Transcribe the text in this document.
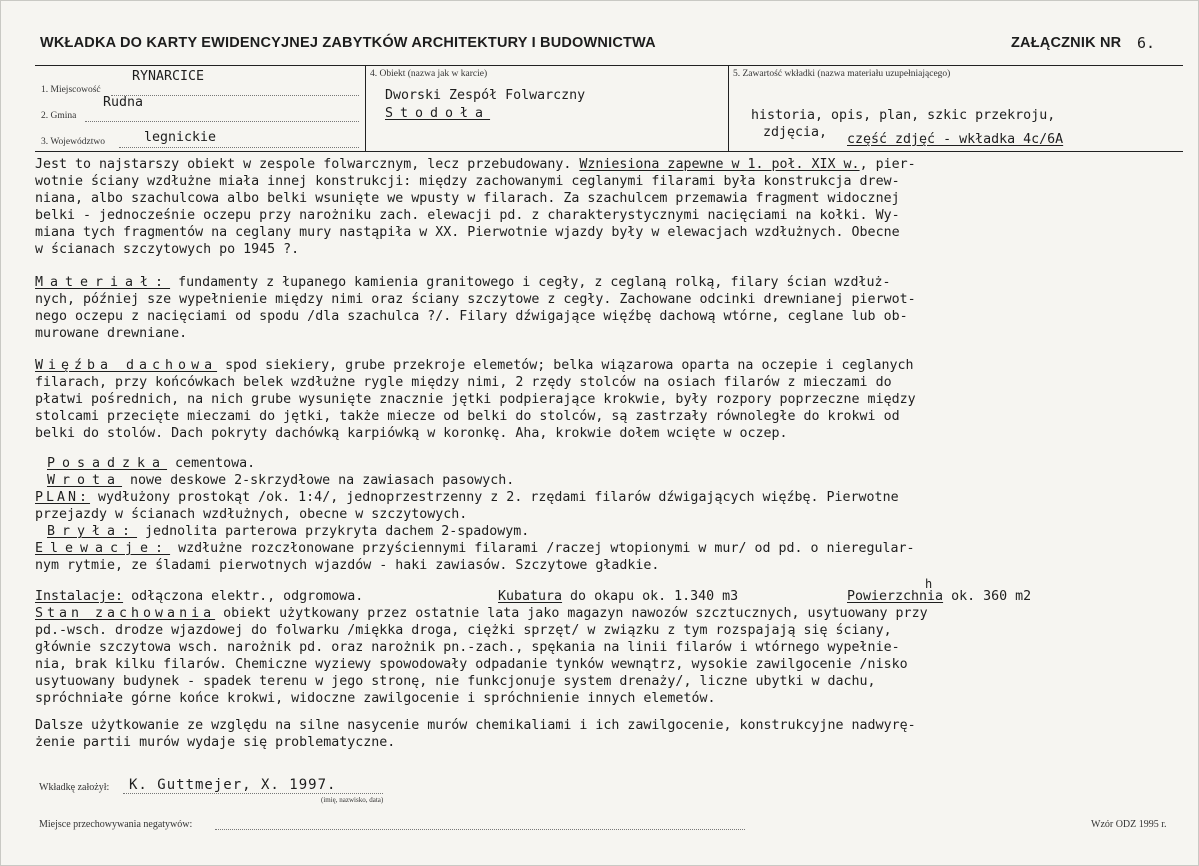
WKŁADKA DO KARTY EWIDENCYJNEJ ZABYTKÓW ARCHITEKTURY I BUDOWNICTWA	ZAŁĄCZNIK NR 6.
1. Miejscowość
RYNARCICE
2. Gmina
Rudna
3. Województwo	legnickie
4. Obiekt (nazwa jak w karcie)
Dworski Zespół Folwarczny
Stodoła
5. Zawartość wkładki (nazwa materiału uzupełniającego)
historia, opis, plan, szkic przekroju,
zdjęcia, część zdjęć - wkładka 4c/6A
Jest to najstarszy obiekt w zespole folwarcznym, lecz przebudowany. Wzniesiona zapewne w 1. poł. XIX w., pier-
wotnie ściany wzdłużne miała innej konstrukcji: między zachowanymi ceglanymi filarami była konstrukcja drew-
niana, albo szachulcowa albo belki wsunięte we wpusty w filarach. Za szachulcem przemawia fragment widocznej
belki - jednocześnie oczepu przy narożniku zach. elewacji pd. z charakterystycznymi nacięciami na kołki. Wy-
miana tych fragmentów na ceglany mury nastąpiła w XX. Pierwotnie wjazdy były w elewacjach wzdłużnych. Obecne
w ścianach szczytowych po 1945 ?.
Materiał: fundamenty z łupanego kamienia granitowego i cegły, z ceglaną rolką, filary ścian wzdłuż-
nych, później sze wypełnienie między nimi oraz ściany szczytowe z cegły. Zachowane odcinki drewnianej pierwot-
nego oczepu z nacięciami od spodu /dla szachulca ?/. Filary dźwigające więźbę dachową wtórne, ceglane lub ob-
murowane drewniane.
Więźba dachowa spod siekiery, grube przekroje elemetów; belka wiązarowa oparta na oczepie i ceglanych
filarach, przy końcówkach belek wzdłużne rygle między nimi, 2 rzędy stolców na osiach filarów z mieczami do
płatwi pośrednich, na nich grube wysunięte znacznie jętki podpierające krokwie, były rozpory poprzeczne między
stolcami przecięte mieczami do jętki, także miecze od belki do stolców, są zastrzały równoległe do krokwi od
belki do stolów. Dach pokryty dachówką karpiówką w koronkę. Aha, krokwie dołem wcięte w oczep.
Posadzka cementowa.
Wrota nowe deskowe 2-skrzydłowe na zawiasach pasowych.
PLAN: wydłużony prostokąt /ok. 1:4/, jednoprzestrzenny z 2. rzędami filarów dźwigających więźbę. Pierwotne
przejazdy w ścianach wzdłużnych, obecne w szczytowych.
Bryła: jednolita parterowa przykryta dachem 2-spadowym.
Elewacje: wzdłużne rozczłonowane przyściennymi filarami /raczej wtopionymi w mur/ od pd. o nieregular-
nym rytmie, ze śladami pierwotnych wjazdów - haki zawiasów. Szczytowe gładkie.
Instalacje: odłączona elektr., odgromowa.	Kubatura do okapu ok. 1.340 m3	Powierzchnia ok. 360 m2
h
Stan zachowania obiekt użytkowany przez ostatnie lata jako magazyn nawozów szcztucznych, usytuowany przy
pd.-wsch. drodze wjazdowej do folwarku /miękka droga, ciężki sprzęt/ w związku z tym rozspajają się ściany,
głównie szczytowa wsch. narożnik pd. oraz narożnik pn.-zach., spękania na linii filarów i wtórnego wypełnie-
nia, brak kilku filarów. Chemiczne wyziewy spowodowały odpadanie tynków wewnątrz, wysokie zawilgocenie /nisko
usytuowany budynek - spadek terenu w jego stronę, nie funkcjonuje system drenaży/, liczne ubytki w dachu,
spróchniałe górne końce krokwi, widoczne zawilgocenie i spróchnienie innych elemetów.
Dalsze użytkowanie ze względu na silne nasycenie murów chemikaliami i ich zawilgocenie, konstrukcyjne nadwyrę-
żenie partii murów wydaje się problematyczne.
Wkładkę założył: K. Guttmejer, X. 1997.
(imię, nazwisko, data)
Miejsce przechowywania negatywów:	Wzór ODZ 1995 r.
